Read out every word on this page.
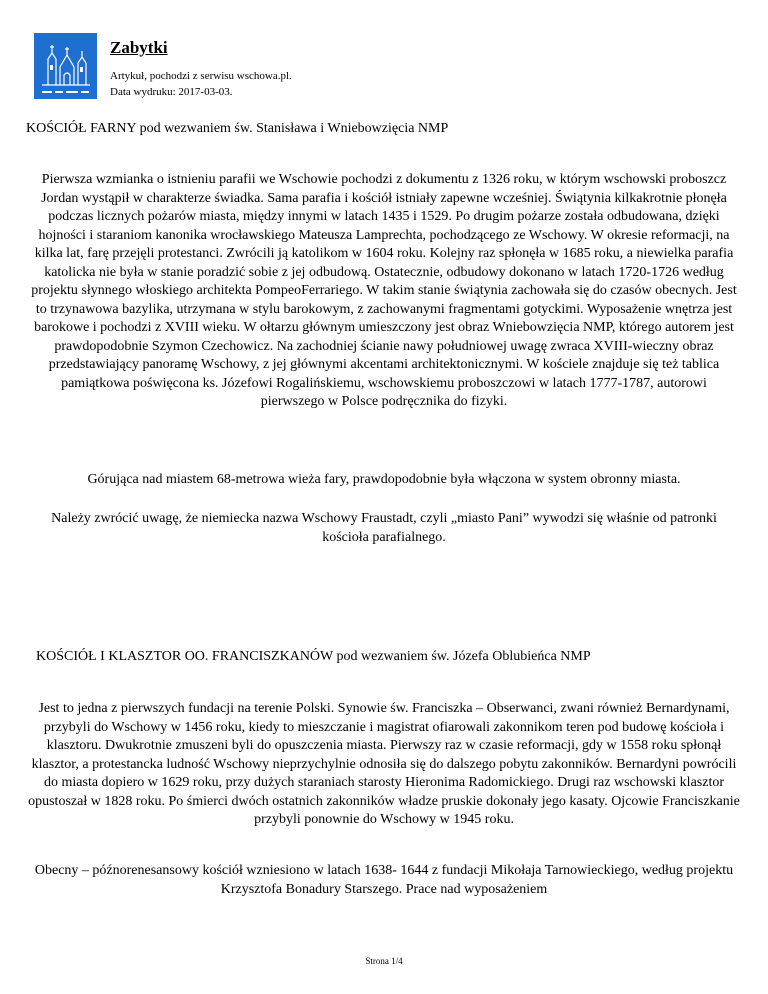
Zabytki
Artykuł, pochodzi z serwisu wschowa.pl.
Data wydruku: 2017-03-03.
KOŚCIÓŁ FARNY pod wezwaniem św. Stanisława i Wniebowzięcia NMP

Pierwsza wzmianka o istnieniu parafii we Wschowie pochodzi z dokumentu z 1326 roku, w którym wschowski proboszcz Jordan wystąpił w charakterze świadka. Sama parafia i kościół istniały zapewne wcześniej. Świątynia kilkakrotnie płonęła podczas licznych pożarów miasta, między innymi w latach 1435 i 1529. Po drugim pożarze została odbudowana, dzięki hojności i staraniom kanonika wrocławskiego Mateusza Lamprechta, pochodzącego ze Wschowy. W okresie reformacji, na kilka lat, farę przejęli protestanci. Zwrócili ją katolikom w 1604 roku. Kolejny raz spłonęła w 1685 roku, a niewielka parafia katolicka nie była w stanie poradzić sobie z jej odbudową. Ostatecznie, odbudowy dokonano w latach 1720-1726 według projektu słynnego włoskiego architekta PompeoFerrariego. W takim stanie świątynia zachowała się do czasów obecnych. Jest to trzynawowa bazylika, utrzymana w stylu barokowym, z zachowanymi fragmentami gotyckimi. Wyposażenie wnętrza jest barokowe i pochodzi z XVIII wieku. W ołtarzu głównym umieszczony jest obraz Wniebowzięcia NMP, którego autorem jest prawdopodobnie Szymon Czechowicz. Na zachodniej ścianie nawy południowej uwagę zwraca XVIII-wieczny obraz przedstawiający panoramę Wschowy, z jej głównymi akcentami architektonicznymi. W kościele znajduje się też tablica pamiątkowa poświęcona ks. Józefowi Rogalińskiemu, wschowskiemu proboszczowi w latach 1777-1787, autorowi pierwszego w Polsce podręcznika do fizyki.

Górująca nad miastem 68-metrowa wieża fary, prawdopodobnie była włączona w system obronny miasta.

Należy zwrócić uwagę, że niemiecka nazwa Wschowy Fraustadt, czyli „miasto Pani” wywodzi się właśnie od patronki kościoła parafialnego.

KOŚCIÓŁ I KLASZTOR OO. FRANCISZKANÓW pod wezwaniem św. Józefa Oblubieńca NMP

Jest to jedna z pierwszych fundacji na terenie Polski. Synowie św. Franciszka – Obserwanci, zwani również Bernardynami, przybyli do Wschowy w 1456 roku, kiedy to mieszczanie i magistrat ofiarowali zakonnikom teren pod budowę kościoła i klasztoru. Dwukrotnie zmuszeni byli do opuszczenia miasta. Pierwszy raz w czasie reformacji, gdy w 1558 roku spłonął klasztor, a protestancka ludność Wschowy nieprzychylnie odnosiła się do dalszego pobytu zakonników. Bernardyni powrócili do miasta dopiero w 1629 roku, przy dużych staraniach starosty Hieronima Radomickiego. Drugi raz wschowski klasztor opustoszał w 1828 roku. Po śmierci dwóch ostatnich zakonników władze pruskie dokonały jego kasaty. Ojcowie Franciszkanie przybyli ponownie do Wschowy w 1945 roku.

Obecny – późnorenesansowy kościół wzniesiono w latach 1638- 1644 z fundacji Mikołaja Tarnowieckiego, według projektu Krzysztofa Bonadury Starszego. Prace nad wyposażeniem

Strona 1/4
